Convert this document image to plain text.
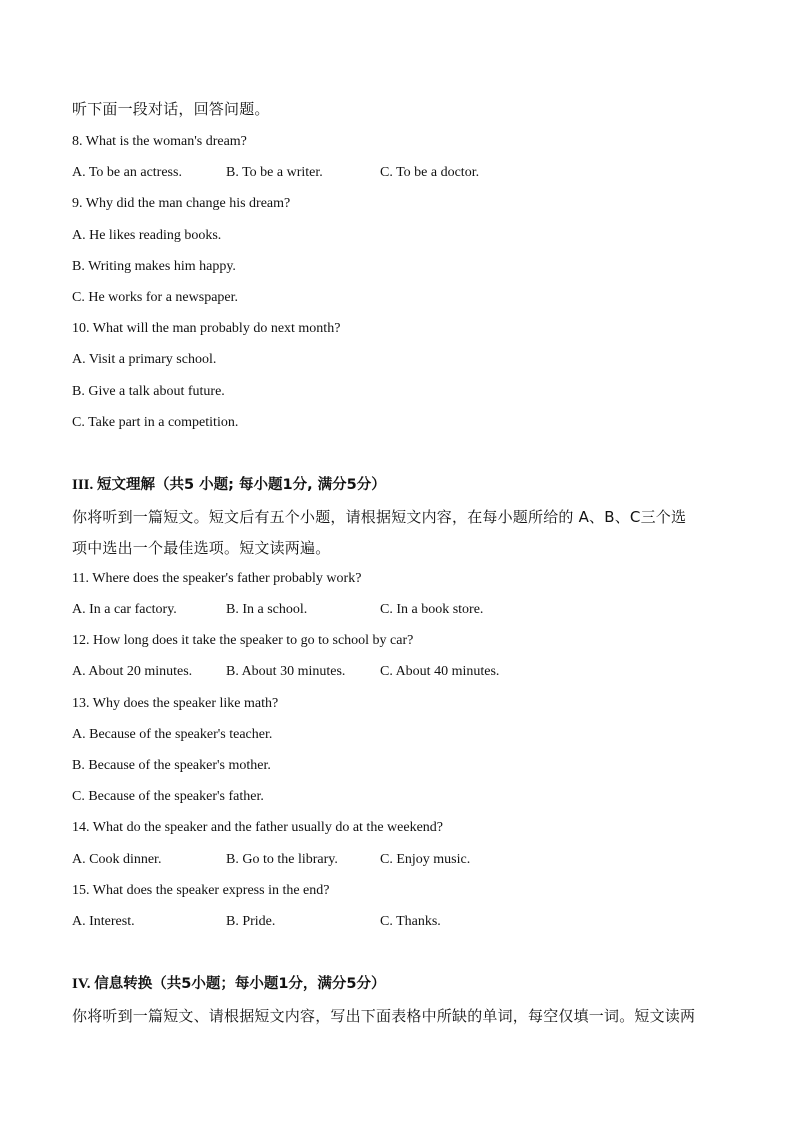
听下面一段对话，回答问题。
8. What is the woman's dream?
A. To be an actress.	B. To be a writer.	C. To be a doctor.
9. Why did the man change his dream?
A. He likes reading books.
B. Writing makes him happy.
C. He works for a newspaper.
10. What will the man probably do next month?
A. Visit a primary school.
B. Give a talk about future.
C. Take part in a competition.
III. 短文理解（共5 小题; 每小题1分, 满分5分）
你将听到一篇短文。短文后有五个小题，请根据短文内容，在每小题所给的 A、B、C三个选
项中选出一个最佳选项。短文读两遍。
11. Where does the speaker's father probably work?
A. In a car factory.	B. In a school.	C. In a book store.
12. How long does it take the speaker to go to school by car?
A. About 20 minutes. B. About 30 minutes. C. About 40 minutes.
13. Why does the speaker like math?
A. Because of the speaker's teacher.
B. Because of the speaker's mother.
C. Because of the speaker's father.
14. What do the speaker and the father usually do at the weekend?
A. Cook dinner.	B. Go to the library.	C. Enjoy music.
15. What does the speaker express in the end?
A. Interest.	B. Pride.	C. Thanks.
IV. 信息转换（共5小题；每小题1分，满分5分）
你将听到一篇短文、请根据短文内容，写出下面表格中所缺的单词，每空仅填一词。短文读两
